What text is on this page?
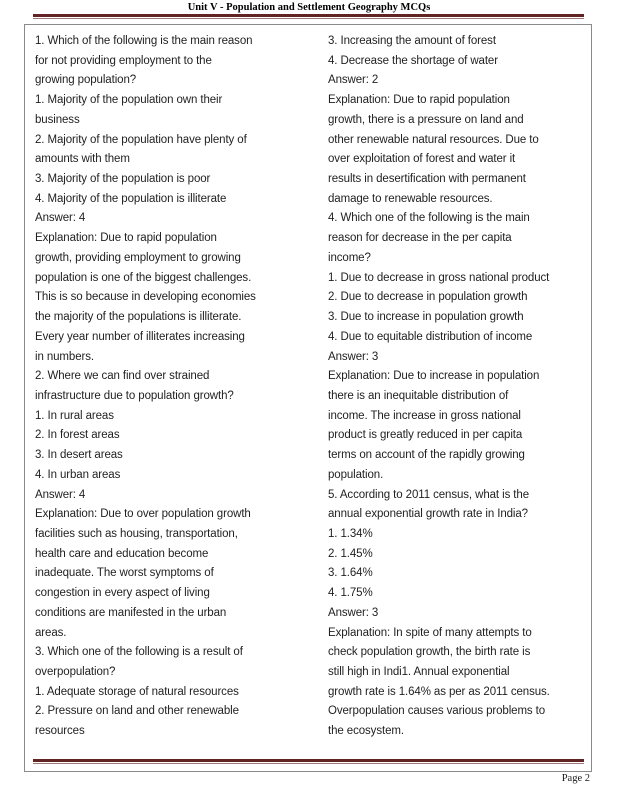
Unit V - Population and Settlement Geography MCQs
1. Which of the following is the main reason
for not providing employment to the
growing population?
1. Majority of the population own their
business
2. Majority of the population have plenty of
amounts with them
3. Majority of the population is poor
4. Majority of the population is illiterate
Answer: 4
Explanation: Due to rapid population
growth, providing employment to growing
population is one of the biggest challenges.
This is so because in developing economies
the majority of the populations is illiterate.
Every year number of illiterates increasing
in numbers.
2. Where we can find over strained
infrastructure due to population growth?
1. In rural areas
2. In forest areas
3. In desert areas
4. In urban areas
Answer: 4
Explanation: Due to over population growth
facilities such as housing, transportation,
health care and education become
inadequate. The worst symptoms of
congestion in every aspect of living
conditions are manifested in the urban
areas.
3. Which one of the following is a result of
overpopulation?
1. Adequate storage of natural resources
2. Pressure on land and other renewable
resources
3. Increasing the amount of forest
4. Decrease the shortage of water
Answer: 2
Explanation: Due to rapid population
growth, there is a pressure on land and
other renewable natural resources. Due to
over exploitation of forest and water it
results in desertification with permanent
damage to renewable resources.
4. Which one of the following is the main
reason for decrease in the per capita
income?
1. Due to decrease in gross national product
2. Due to decrease in population growth
3. Due to increase in population growth
4. Due to equitable distribution of income
Answer: 3
Explanation: Due to increase in population
there is an inequitable distribution of
income. The increase in gross national
product is greatly reduced in per capita
terms on account of the rapidly growing
population.
5. According to 2011 census, what is the
annual exponential growth rate in India?
1. 1.34%
2. 1.45%
3. 1.64%
4. 1.75%
Answer: 3
Explanation: In spite of many attempts to
check population growth, the birth rate is
still high in Indi1. Annual exponential
growth rate is 1.64% as per as 2011 census.
Overpopulation causes various problems to
the ecosystem.
Page 2
